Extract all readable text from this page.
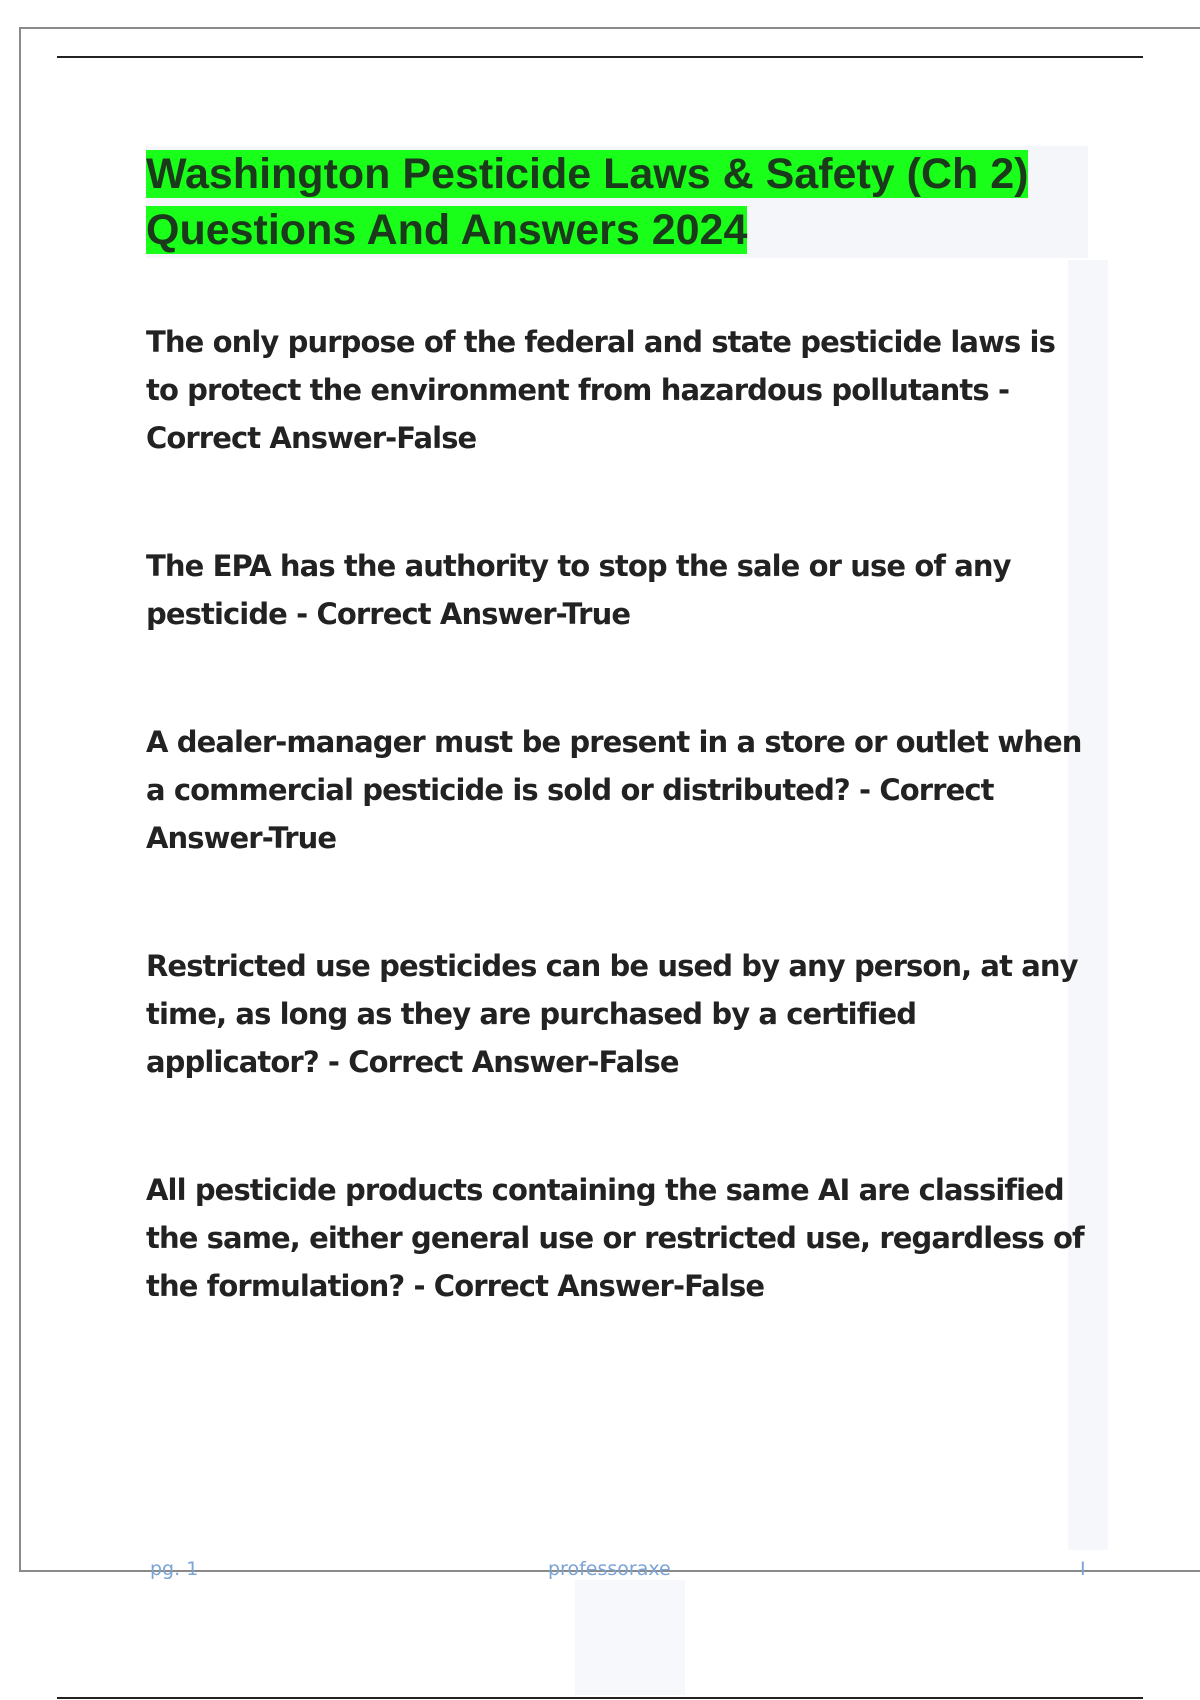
Washington Pesticide Laws & Safety (Ch 2) Questions And Answers 2024

The only purpose of the federal and state pesticide laws is to protect the environment from hazardous pollutants - Correct Answer-False

The EPA has the authority to stop the sale or use of any pesticide - Correct Answer-True

A dealer-manager must be present in a store or outlet when a commercial pesticide is sold or distributed? - Correct Answer-True

Restricted use pesticides can be used by any person, at any time, as long as they are purchased by a certified applicator? - Correct Answer-False

All pesticide products containing the same AI are classified the same, either general use or restricted use, regardless of the formulation? - Correct Answer-False

pg. 1	professoraxe	I
